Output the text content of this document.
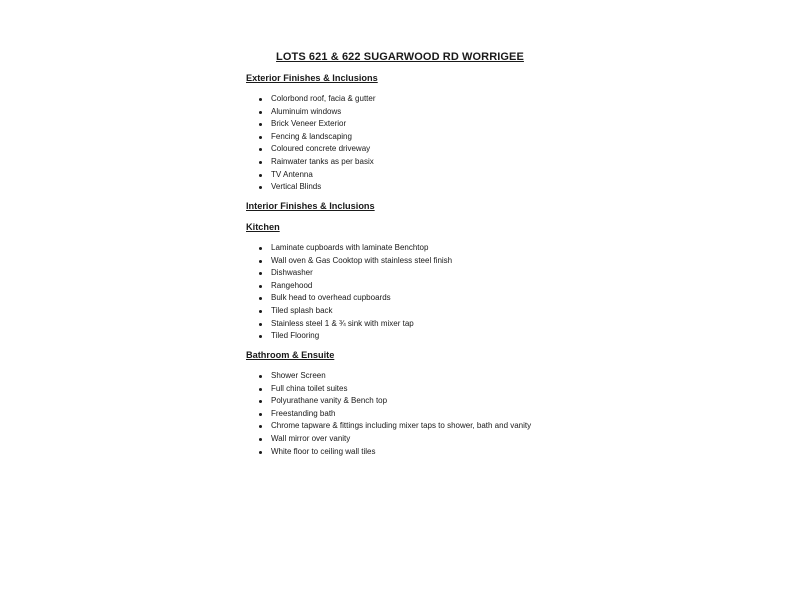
LOTS 621 & 622 SUGARWOOD RD WORRIGEE
Exterior Finishes & Inclusions
Colorbond roof, facia & gutter
Aluminuim windows
Brick Veneer Exterior
Fencing & landscaping
Coloured concrete driveway
Rainwater tanks as per basix
TV Antenna
Vertical Blinds
Interior Finishes & Inclusions
Kitchen
Laminate cupboards with laminate Benchtop
Wall oven & Gas Cooktop with stainless steel finish
Dishwasher
Rangehood
Bulk head to overhead cupboards
Tiled splash back
Stainless steel 1 & ¾ sink with mixer tap
Tiled Flooring
Bathroom & Ensuite
Shower Screen
Full china toilet suites
Polyurathane vanity & Bench top
Freestanding bath
Chrome tapware & fittings including mixer taps to shower, bath and vanity
Wall mirror over vanity
White floor to ceiling wall tiles
